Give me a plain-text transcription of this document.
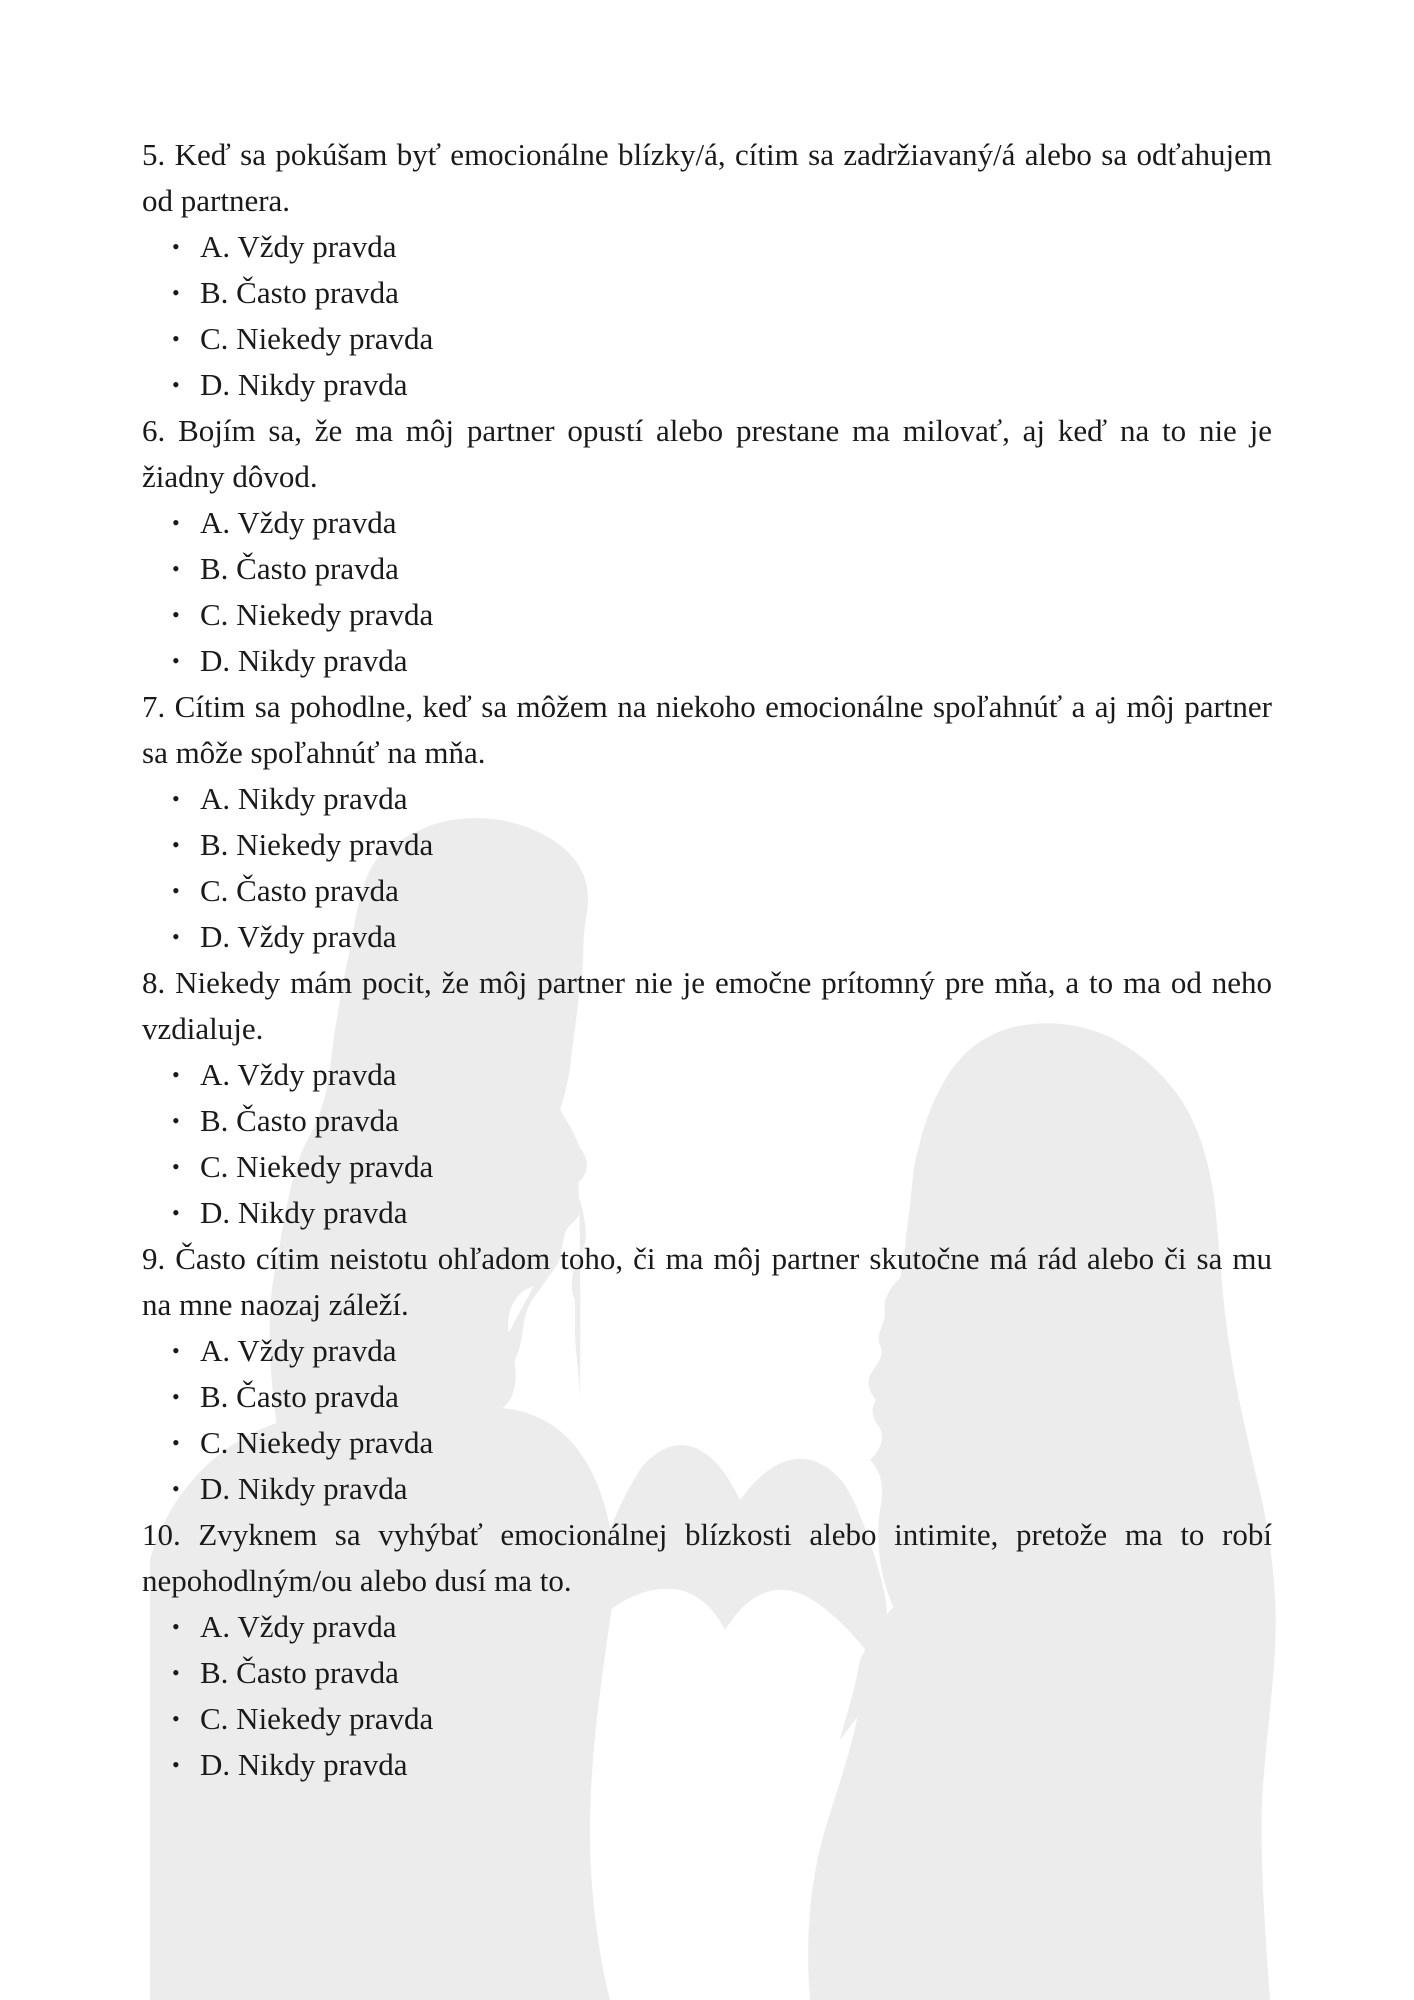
5. Keď sa pokúšam byť emocionálne blízky/á, cítim sa zadržiavaný/á alebo sa odťahujem od partnera.

• A. Vždy pravda
• B. Často pravda
• C. Niekedy pravda
• D. Nikdy pravda

6. Bojím sa, že ma môj partner opustí alebo prestane ma milovať, aj keď na to nie je žiadny dôvod.

• A. Vždy pravda
• B. Často pravda
• C. Niekedy pravda
• D. Nikdy pravda

7. Cítim sa pohodlne, keď sa môžem na niekoho emocionálne spoľahnúť a aj môj partner sa môže spoľahnúť na mňa.

• A. Nikdy pravda
• B. Niekedy pravda
• C. Často pravda
• D. Vždy pravda

8. Niekedy mám pocit, že môj partner nie je emočne prítomný pre mňa, a to ma od neho vzdialuje.

• A. Vždy pravda
• B. Často pravda
• C. Niekedy pravda
• D. Nikdy pravda

9. Často cítim neistotu ohľadom toho, či ma môj partner skutočne má rád alebo či sa mu na mne naozaj záleží.

• A. Vždy pravda
• B. Často pravda
• C. Niekedy pravda
• D. Nikdy pravda

10. Zvyknem sa vyhýbať emocionálnej blízkosti alebo intimite, pretože ma to robí nepohodlným/ou alebo dusí ma to.

• A. Vždy pravda
• B. Často pravda
• C. Niekedy pravda
• D. Nikdy pravda
